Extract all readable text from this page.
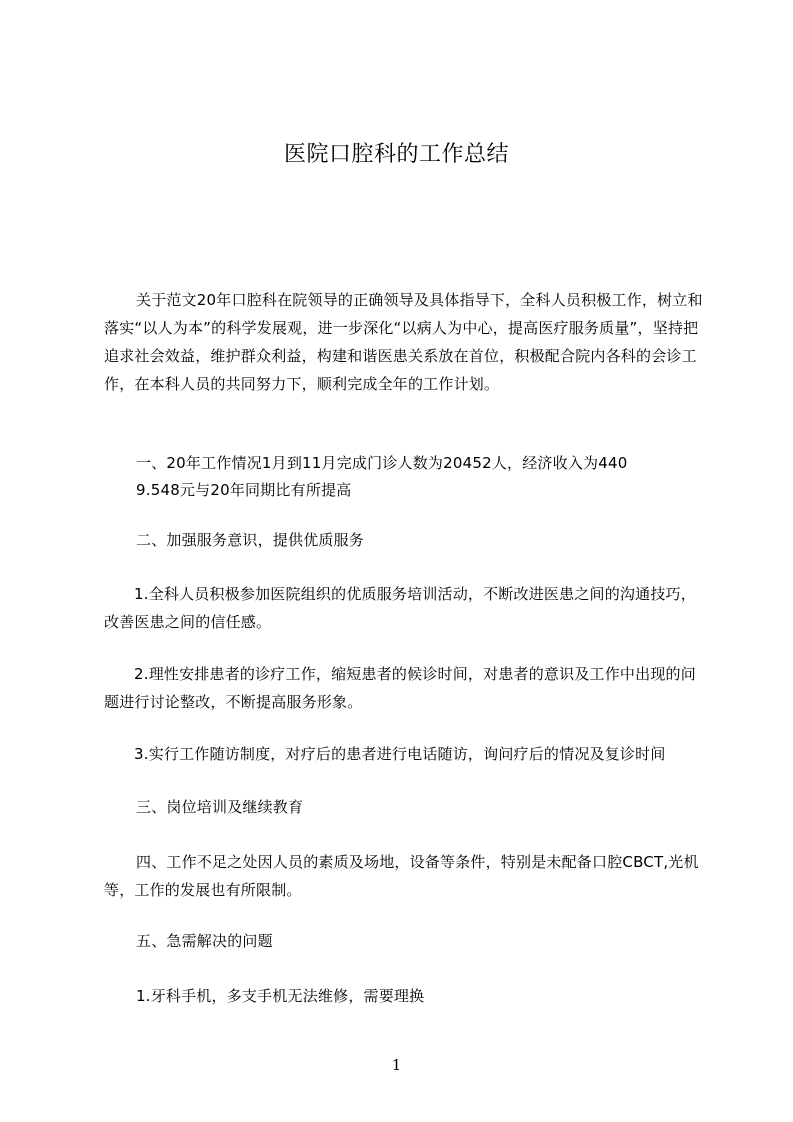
医院口腔科的工作总结

关于范文20年口腔科在院领导的正确领导及具体指导下，全科人员积极工作，树立和落实“以人为本”的科学发展观，进一步深化“以病人为中心，提高医疗服务质量”，坚持把追求社会效益，维护群众利益，构建和谐医患关系放在首位，积极配合院内各科的会诊工作，在本科人员的共同努力下，顺利完成全年的工作计划。

一、20年工作情况1月到11月完成门诊人数为20452人，经济收入为440

9.548元与20年同期比有所提高

二、加强服务意识，提供优质服务

1.全科人员积极参加医院组织的优质服务培训活动，不断改进医患之间的沟通技巧，改善医患之间的信任感。

2.理性安排患者的诊疗工作，缩短患者的候诊时间，对患者的意识及工作中出现的问题进行讨论整改，不断提高服务形象。

3.实行工作随访制度，对疗后的患者进行电话随访，询问疗后的情况及复诊时间

三、岗位培训及继续教育

四、工作不足之处因人员的素质及场地，设备等条件，特别是未配备口腔CBCT,光机等，工作的发展也有所限制。

五、急需解决的问题

1.牙科手机，多支手机无法维修，需要理换

1
